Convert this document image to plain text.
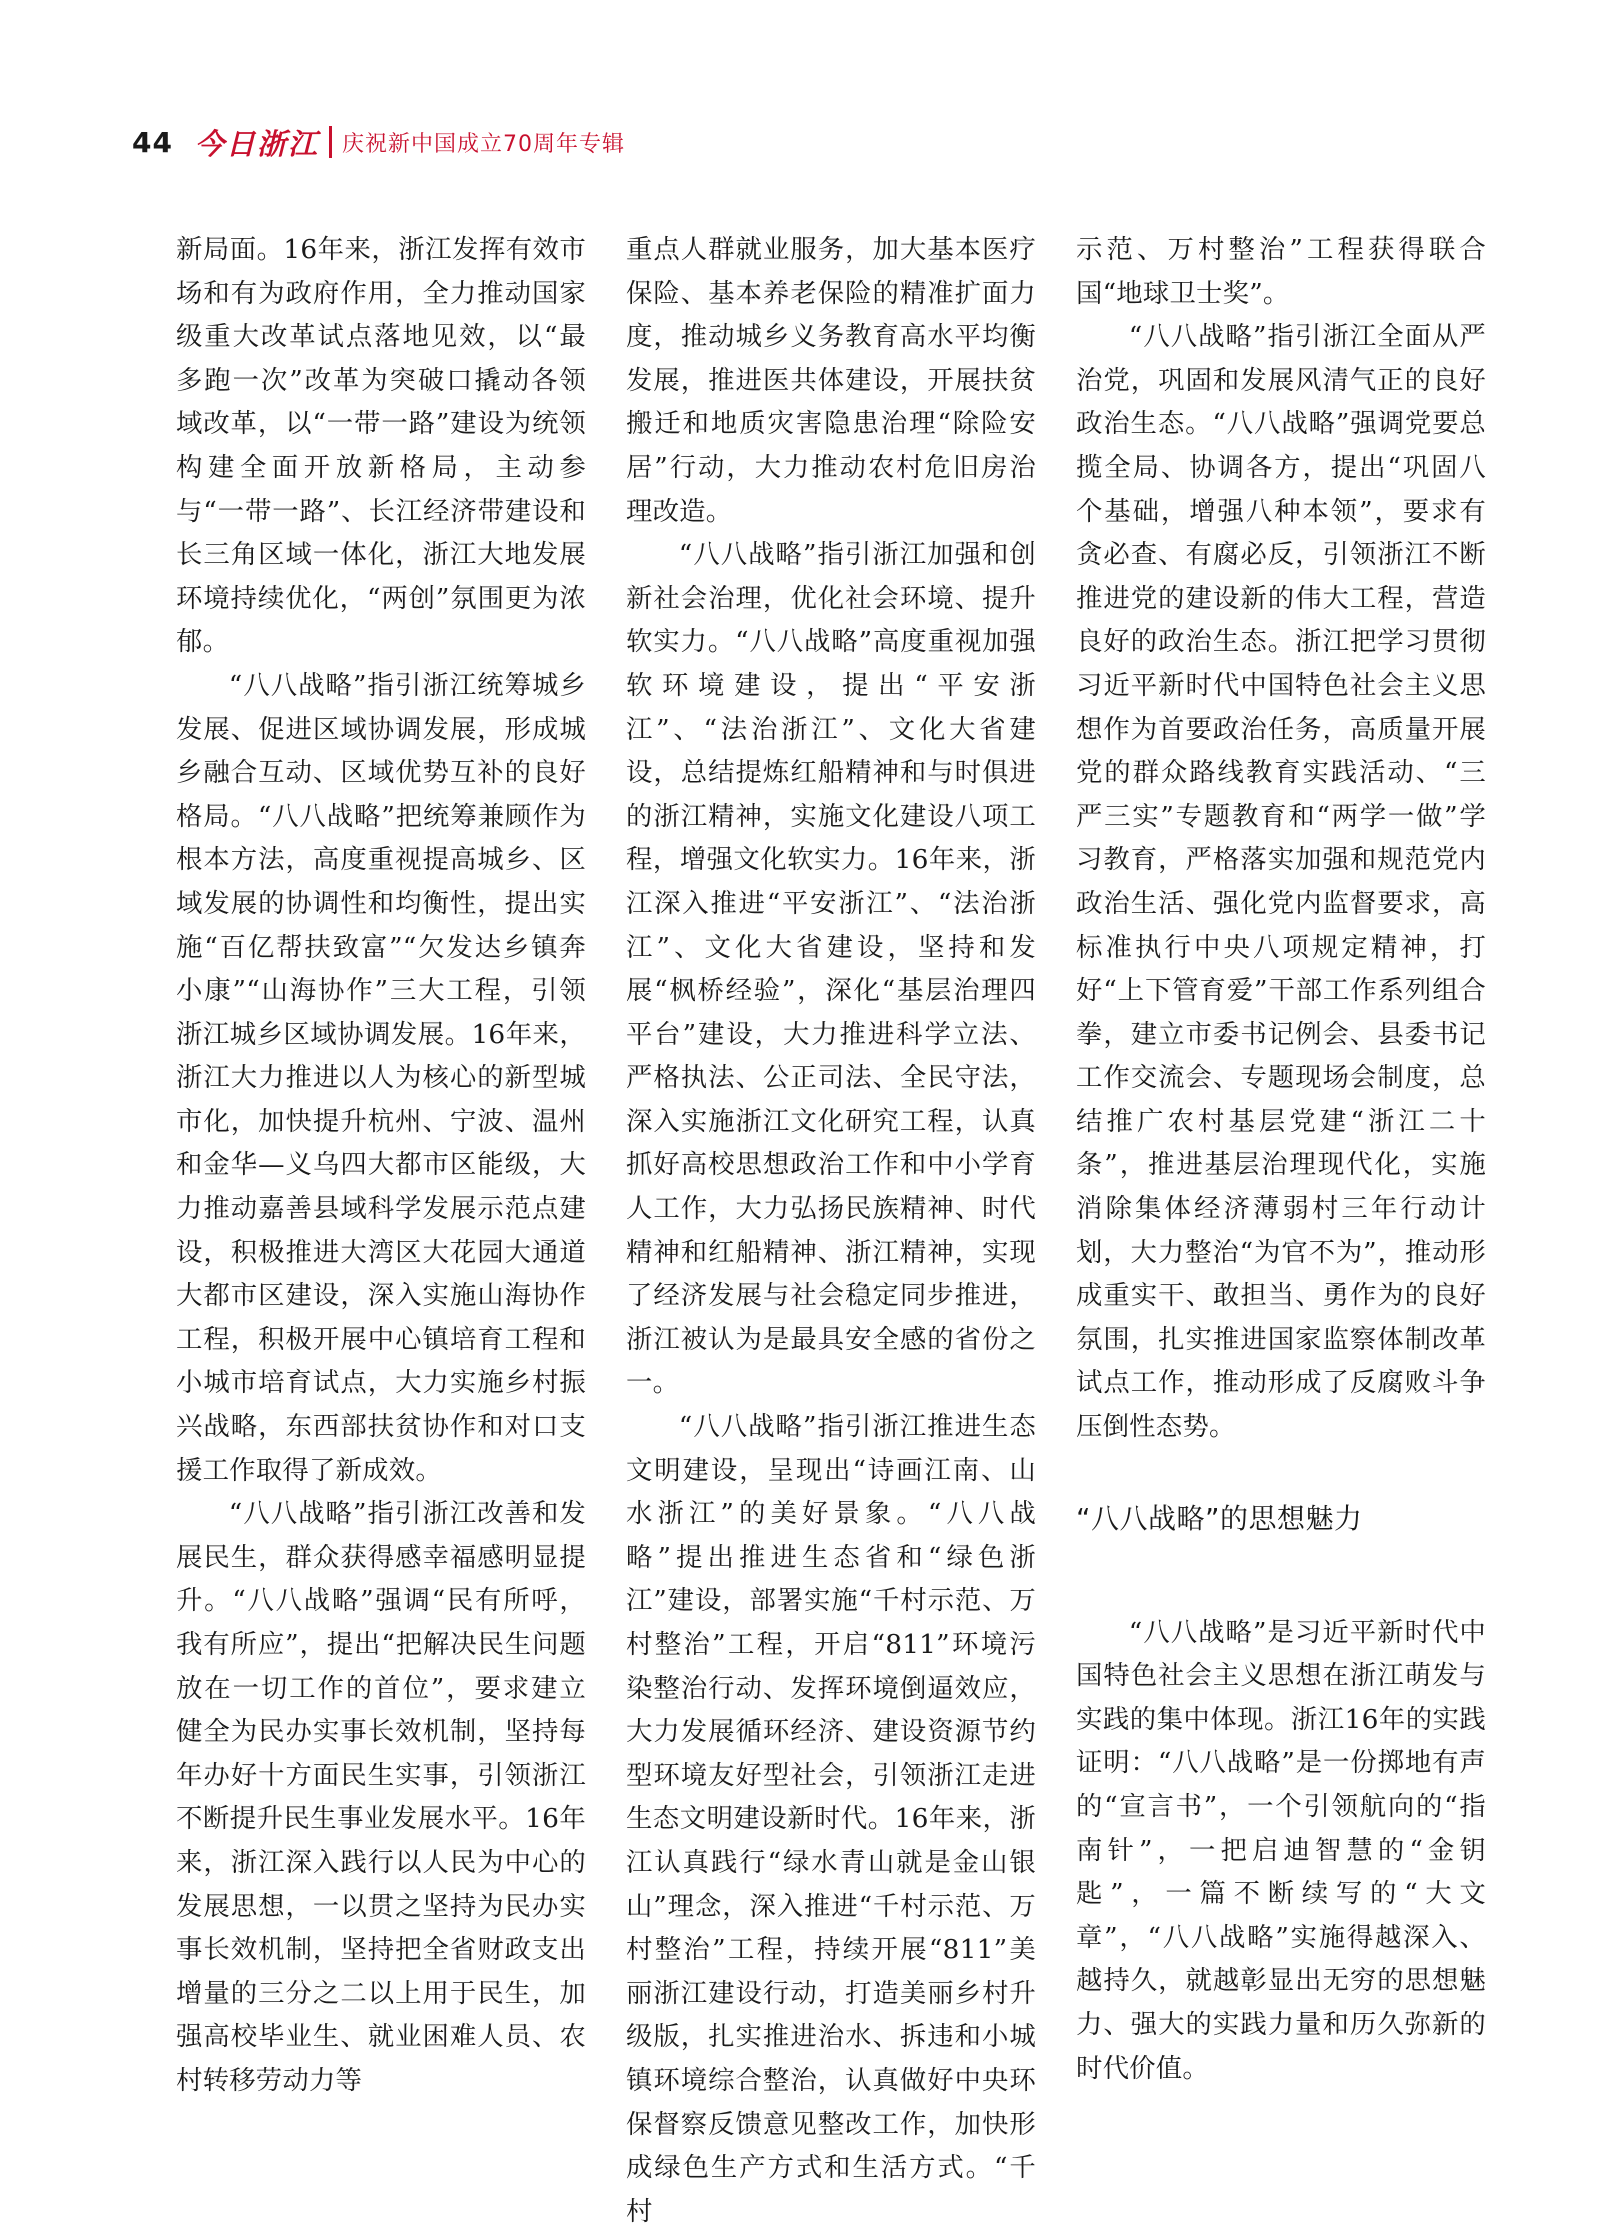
44 今日浙江 庆祝新中国成立70周年专辑

新局面。16年来，浙江发挥有效市场和有为政府作用，全力推动国家级重大改革试点落地见效，以“最多跑一次”改革为突破口撬动各领域改革，以“一带一路”建设为统领构建全面开放新格局，主动参与“一带一路”、长江经济带建设和长三角区域一体化，浙江大地发展环境持续优化，“两创”氛围更为浓郁。

“八八战略”指引浙江统筹城乡发展、促进区域协调发展，形成城乡融合互动、区域优势互补的良好格局。“八八战略”把统筹兼顾作为根本方法，高度重视提高城乡、区域发展的协调性和均衡性，提出实施“百亿帮扶致富”“欠发达乡镇奔小康”“山海协作”三大工程，引领浙江城乡区域协调发展。16年来，浙江大力推进以人为核心的新型城市化，加快提升杭州、宁波、温州和金华—义乌四大都市区能级，大力推动嘉善县域科学发展示范点建设，积极推进大湾区大花园大通道大都市区建设，深入实施山海协作工程，积极开展中心镇培育工程和小城市培育试点，大力实施乡村振兴战略，东西部扶贫协作和对口支援工作取得了新成效。

“八八战略”指引浙江改善和发展民生，群众获得感幸福感明显提升。“八八战略”强调“民有所呼，我有所应”，提出“把解决民生问题放在一切工作的首位”，要求建立健全为民办实事长效机制，坚持每年办好十方面民生实事，引领浙江不断提升民生事业发展水平。16年来，浙江深入践行以人民为中心的发展思想，一以贯之坚持为民办实事长效机制，坚持把全省财政支出增量的三分之二以上用于民生，加强高校毕业生、就业困难人员、农村转移劳动力等

重点人群就业服务，加大基本医疗保险、基本养老保险的精准扩面力度，推动城乡义务教育高水平均衡发展，推进医共体建设，开展扶贫搬迁和地质灾害隐患治理“除险安居”行动，大力推动农村危旧房治理改造。

“八八战略”指引浙江加强和创新社会治理，优化社会环境、提升软实力。“八八战略”高度重视加强软环境建设，提出“平安浙江”、“法治浙江”、文化大省建设，总结提炼红船精神和与时俱进的浙江精神，实施文化建设八项工程，增强文化软实力。16年来，浙江深入推进“平安浙江”、“法治浙江”、文化大省建设，坚持和发展“枫桥经验”，深化“基层治理四平台”建设，大力推进科学立法、严格执法、公正司法、全民守法，深入实施浙江文化研究工程，认真抓好高校思想政治工作和中小学育人工作，大力弘扬民族精神、时代精神和红船精神、浙江精神，实现了经济发展与社会稳定同步推进，浙江被认为是最具安全感的省份之一。

“八八战略”指引浙江推进生态文明建设，呈现出“诗画江南、山水浙江”的美好景象。“八八战略”提出推进生态省和“绿色浙江”建设，部署实施“千村示范、万村整治”工程，开启“811”环境污染整治行动、发挥环境倒逼效应，大力发展循环经济、建设资源节约型环境友好型社会，引领浙江走进生态文明建设新时代。16年来，浙江认真践行“绿水青山就是金山银山”理念，深入推进“千村示范、万村整治”工程，持续开展“811”美丽浙江建设行动，打造美丽乡村升级版，扎实推进治水、拆违和小城镇环境综合整治，认真做好中央环保督察反馈意见整改工作，加快形成绿色生产方式和生活方式。“千村

示范、万村整治”工程获得联合国“地球卫士奖”。

“八八战略”指引浙江全面从严治党，巩固和发展风清气正的良好政治生态。“八八战略”强调党要总揽全局、协调各方，提出“巩固八个基础，增强八种本领”，要求有贪必查、有腐必反，引领浙江不断推进党的建设新的伟大工程，营造良好的政治生态。浙江把学习贯彻习近平新时代中国特色社会主义思想作为首要政治任务，高质量开展党的群众路线教育实践活动、“三严三实”专题教育和“两学一做”学习教育，严格落实加强和规范党内政治生活、强化党内监督要求，高标准执行中央八项规定精神，打好“上下管育爱”干部工作系列组合拳，建立市委书记例会、县委书记工作交流会、专题现场会制度，总结推广农村基层党建“浙江二十条”，推进基层治理现代化，实施消除集体经济薄弱村三年行动计划，大力整治“为官不为”，推动形成重实干、敢担当、勇作为的良好氛围，扎实推进国家监察体制改革试点工作，推动形成了反腐败斗争压倒性态势。

“八八战略”的思想魅力

“八八战略”是习近平新时代中国特色社会主义思想在浙江萌发与实践的集中体现。浙江16年的实践证明：“八八战略”是一份掷地有声的“宣言书”，一个引领航向的“指南针”，一把启迪智慧的“金钥匙”，一篇不断续写的“大文章”，“八八战略”实施得越深入、越持久，就越彰显出无穷的思想魅力、强大的实践力量和历久弥新的时代价值。
